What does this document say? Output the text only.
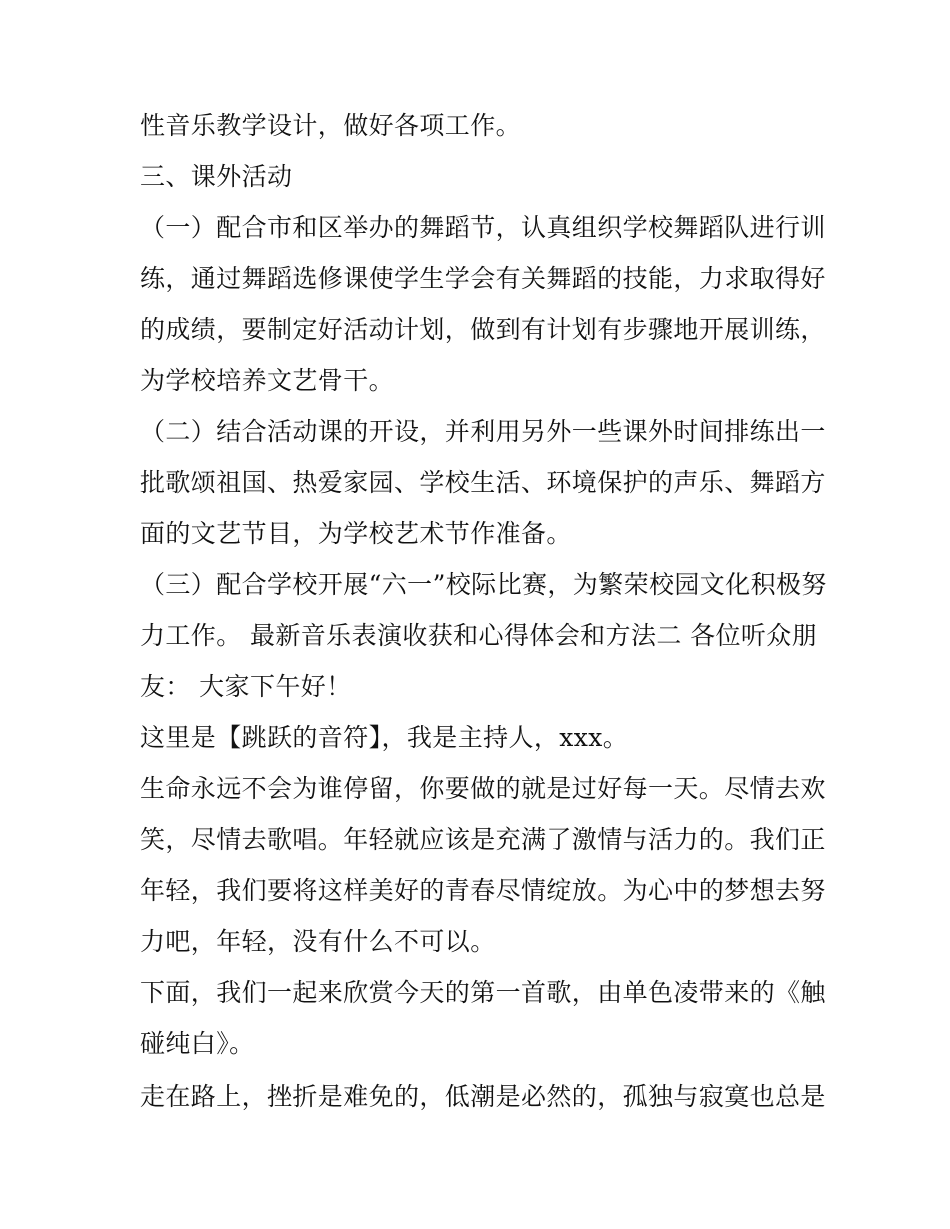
性音乐教学设计，做好各项工作。
三、课外活动
（一）配合市和区举办的舞蹈节，认真组织学校舞蹈队进行训
练，通过舞蹈选修课使学生学会有关舞蹈的技能，力求取得好
的成绩，要制定好活动计划，做到有计划有步骤地开展训练，
为学校培养文艺骨干。
（二）结合活动课的开设，并利用另外一些课外时间排练出一
批歌颂祖国、热爱家园、学校生活、环境保护的声乐、舞蹈方
面的文艺节目，为学校艺术节作准备。
（三）配合学校开展“六一”校际比赛，为繁荣校园文化积极努
力工作。 最新音乐表演收获和心得体会和方法二 各位听众朋
友： 大家下午好！
这里是【跳跃的音符】，我是主持人，xxx。
生命永远不会为谁停留，你要做的就是过好每一天。尽情去欢
笑，尽情去歌唱。年轻就应该是充满了激情与活力的。我们正
年轻，我们要将这样美好的青春尽情绽放。为心中的梦想去努
力吧，年轻，没有什么不可以。
下面，我们一起来欣赏今天的第一首歌，由单色凌带来的《触
碰纯白》。
走在路上，挫折是难免的，低潮是必然的，孤独与寂寞也总是
